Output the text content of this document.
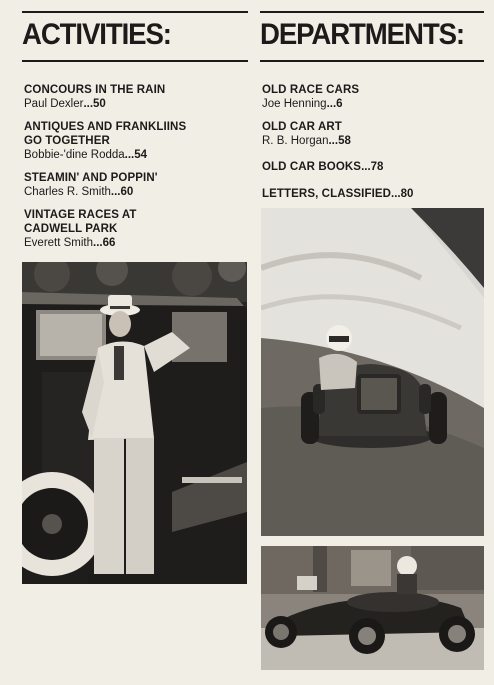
ACTIVITIES:
CONCOURS IN THE RAIN
Paul Dexler...50
ANTIQUES AND FRANKLIINS
GO TOGETHER
Bobbie-'dine Rodda...54
STEAMIN' AND POPPIN'
Charles R. Smith...60
VINTAGE RACES AT
CADWELL PARK
Everett Smith...66
DEPARTMENTS:
OLD RACE CARS
Joe Henning...6
OLD CAR ART
R. B. Horgan...58
OLD CAR BOOKS...78
LETTERS, CLASSIFIED...80
